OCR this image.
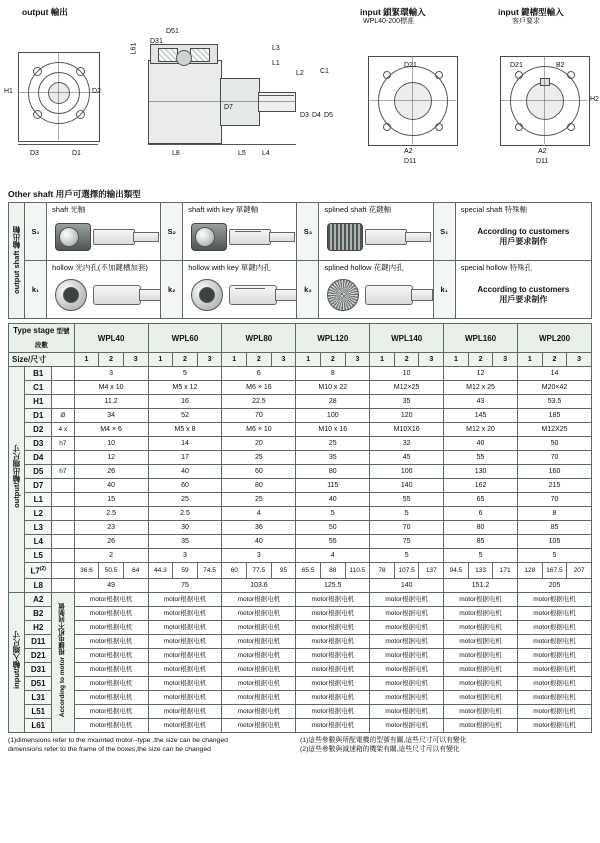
output 輸出	input 鎖緊環輸入
WPL40-200標准
input 鍵槽型輸入
客戶要求
H1	D2
D3	D1
D51
D31
L61	L3
L1
L2 C1
D7
D3 D4 D5
L8	L5 L4
D21
A2
D11
D21	B2
H2
A2
D11
Other shaft 用戶可選擇的输出類型
output shaft 輸出軸	S₁	shaft 光軸	S₂	shaft with key 單鍵軸	S₃	splined shaft 花鍵軸	S₁	special shaft 特殊軸
According to customers
用戶要求制作

	k₁	hollow 光内孔(不加鍵槽加套)	k₂	hollow with key 單鍵内孔	k₃	splined hollow 花鍵内孔	k₁	special hollow 特殊孔
According to customers
用戶要求制作
Type stage 型號 段數			WPL40			WPL60			WPL80			WPL120			WPL140			WPL160			WPL200		
Size/尺寸			1	2	3	1	2	3	1	2	3	1	2	3	1	2	3	1	2	3	1	2	3
output/輸出端尺寸	B1		3			5			6			8			10			12			14		
	C1		M4 x 10			M5 x 12			M6 × 16			M10 x 22			M12×25			M12 x 25			M20×42		
	H1		11.2			16			22.5			28			35			43			53.5		
	D1	Ø	34			52			70			100			120			145			185		
	D2	4 x	M4 × 6			M5 x 8			M6 × 10			M10 x 16			M10X16			M12 x 20			M12X25		
	D3	h7	10			14			20			25			32			40			50		
	D4		12			17			25			35			45			55			70		
	D5	h7	26			40			60			80			100			130			160		
	D7		40			60			80			115			140			162			215		
	L1		15			25			25			40			55			65			70		
	L2		2.5			2.5			4			5			5			6			8		
	L3		23			30			36			50			70			80			85		
	L4		26			35			40			55			75			85			105		
	L5		2			3			3			4			5			5			5		
	L7$^{(2)}$		36.6	50.5	64	44.3	59	74.5	60	77.5	95	65.5	88	110.5	78	107.5	137	94.5	133	171	128	167.5	207
	L8		49			75			103.6			125.5			140			151.2			205		
input/輸入端尺寸	A2	According to motor 根據电机不同制做	motor根据电机			motor根据电机			motor根据电机			motor根据电机			motor根据电机			motor根据电机			motor根据电机		
	B2		motor根据电机			motor根据电机			motor根据电机			motor根据电机			motor根据电机			motor根据电机			motor根据电机		
	H2		motor根据电机			motor根据电机			motor根据电机			motor根据电机			motor根据电机			motor根据电机			motor根据电机		
	D11		motor根据电机			motor根据电机			motor根据电机			motor根据电机			motor根据电机			motor根据电机			motor根据电机		
	D21		motor根据电机			motor根据电机			motor根据电机			motor根据电机			motor根据电机			motor根据电机			motor根据电机		
	D31		motor根据电机			motor根据电机			motor根据电机			motor根据电机			motor根据电机			motor根据电机			motor根据电机		
	D51		motor根据电机			motor根据电机			motor根据电机			motor根据电机			motor根据电机			motor根据电机			motor根据电机		
	L31		motor根据电机			motor根据电机			motor根据电机			motor根据电机			motor根据电机			motor根据电机			motor根据电机		
	L51		motor根据电机			motor根据电机			motor根据电机			motor根据电机			motor根据电机			motor根据电机			motor根据电机		
	L61		motor根据电机			motor根据电机			motor根据电机			motor根据电机			motor根据电机			motor根据电机			motor根据电机		
(1)dimensions refer to the mounted motor--type ,the size can be changed
dimensions refer to the frame of the boxes,the size can be changed
(1)這些參數與所配電機的型號有關,這些尺寸可以有變化
(2)這些參數與減速箱的機架有關,這些尺寸可以有變化
